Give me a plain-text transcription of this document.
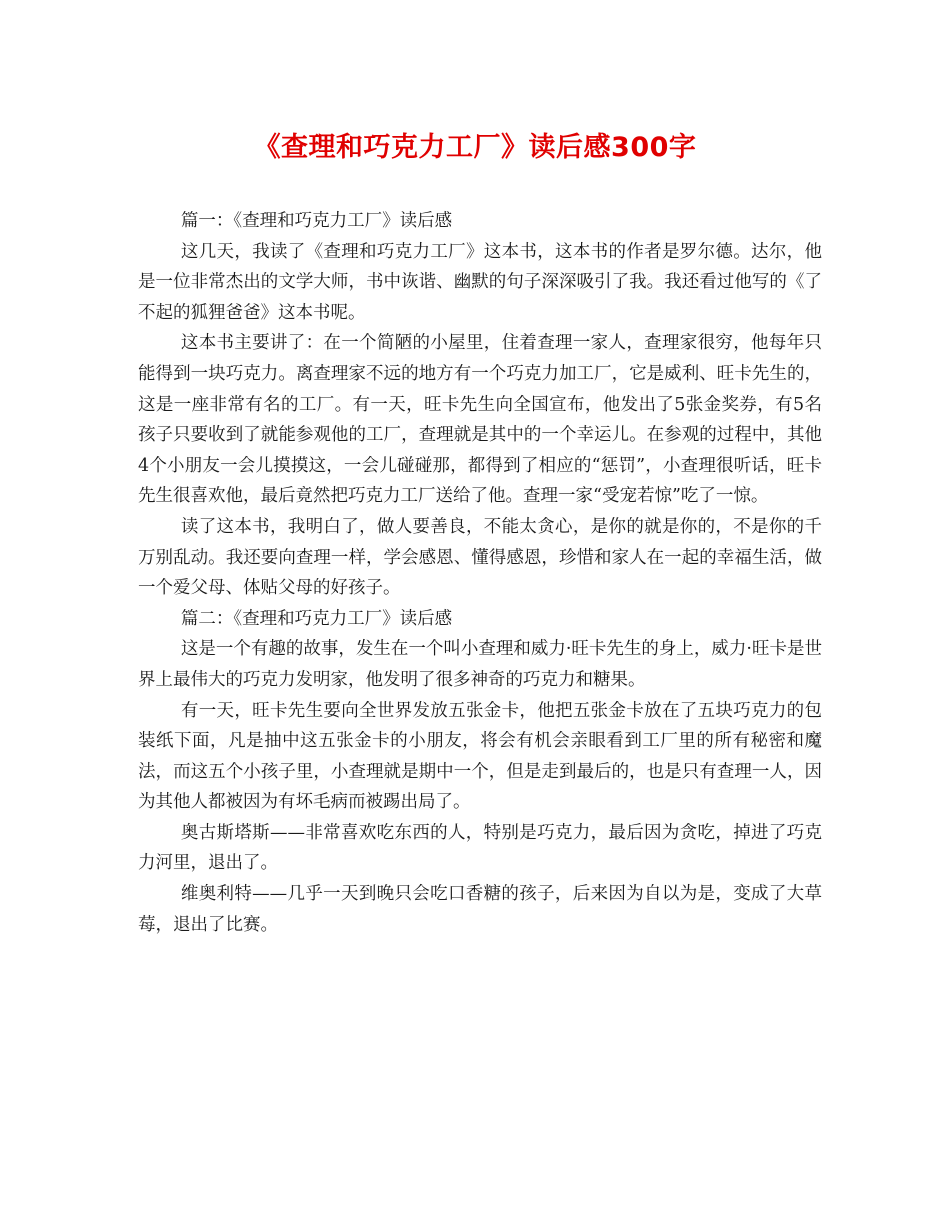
《查理和巧克力工厂》读后感300字

篇一：《查理和巧克力工厂》读后感

这几天，我读了《查理和巧克力工厂》这本书，这本书的作者是罗尔德。达尔，他是一位非常杰出的文学大师，书中诙谐、幽默的句子深深吸引了我。我还看过他写的《了不起的狐狸爸爸》这本书呢。

这本书主要讲了：在一个简陋的小屋里，住着查理一家人，查理家很穷，他每年只能得到一块巧克力。离查理家不远的地方有一个巧克力加工厂，它是威利、旺卡先生的，这是一座非常有名的工厂。有一天，旺卡先生向全国宣布，他发出了5张金奖券，有5名孩子只要收到了就能参观他的工厂，查理就是其中的一个幸运儿。在参观的过程中，其他4个小朋友一会儿摸摸这，一会儿碰碰那，都得到了相应的“惩罚”，小查理很听话，旺卡先生很喜欢他，最后竟然把巧克力工厂送给了他。查理一家“受宠若惊”吃了一惊。

读了这本书，我明白了，做人要善良，不能太贪心，是你的就是你的，不是你的千万别乱动。我还要向查理一样，学会感恩、懂得感恩，珍惜和家人在一起的幸福生活，做一个爱父母、体贴父母的好孩子。

篇二：《查理和巧克力工厂》读后感

这是一个有趣的故事，发生在一个叫小查理和威力·旺卡先生的身上，威力·旺卡是世界上最伟大的巧克力发明家，他发明了很多神奇的巧克力和糖果。

有一天，旺卡先生要向全世界发放五张金卡，他把五张金卡放在了五块巧克力的包装纸下面，凡是抽中这五张金卡的小朋友，将会有机会亲眼看到工厂里的所有秘密和魔法，而这五个小孩子里，小查理就是期中一个，但是走到最后的，也是只有查理一人，因为其他人都被因为有坏毛病而被踢出局了。

奥古斯塔斯——非常喜欢吃东西的人，特别是巧克力，最后因为贪吃，掉进了巧克力河里，退出了。

维奥利特——几乎一天到晚只会吃口香糖的孩子，后来因为自以为是，变成了大草莓，退出了比赛。
